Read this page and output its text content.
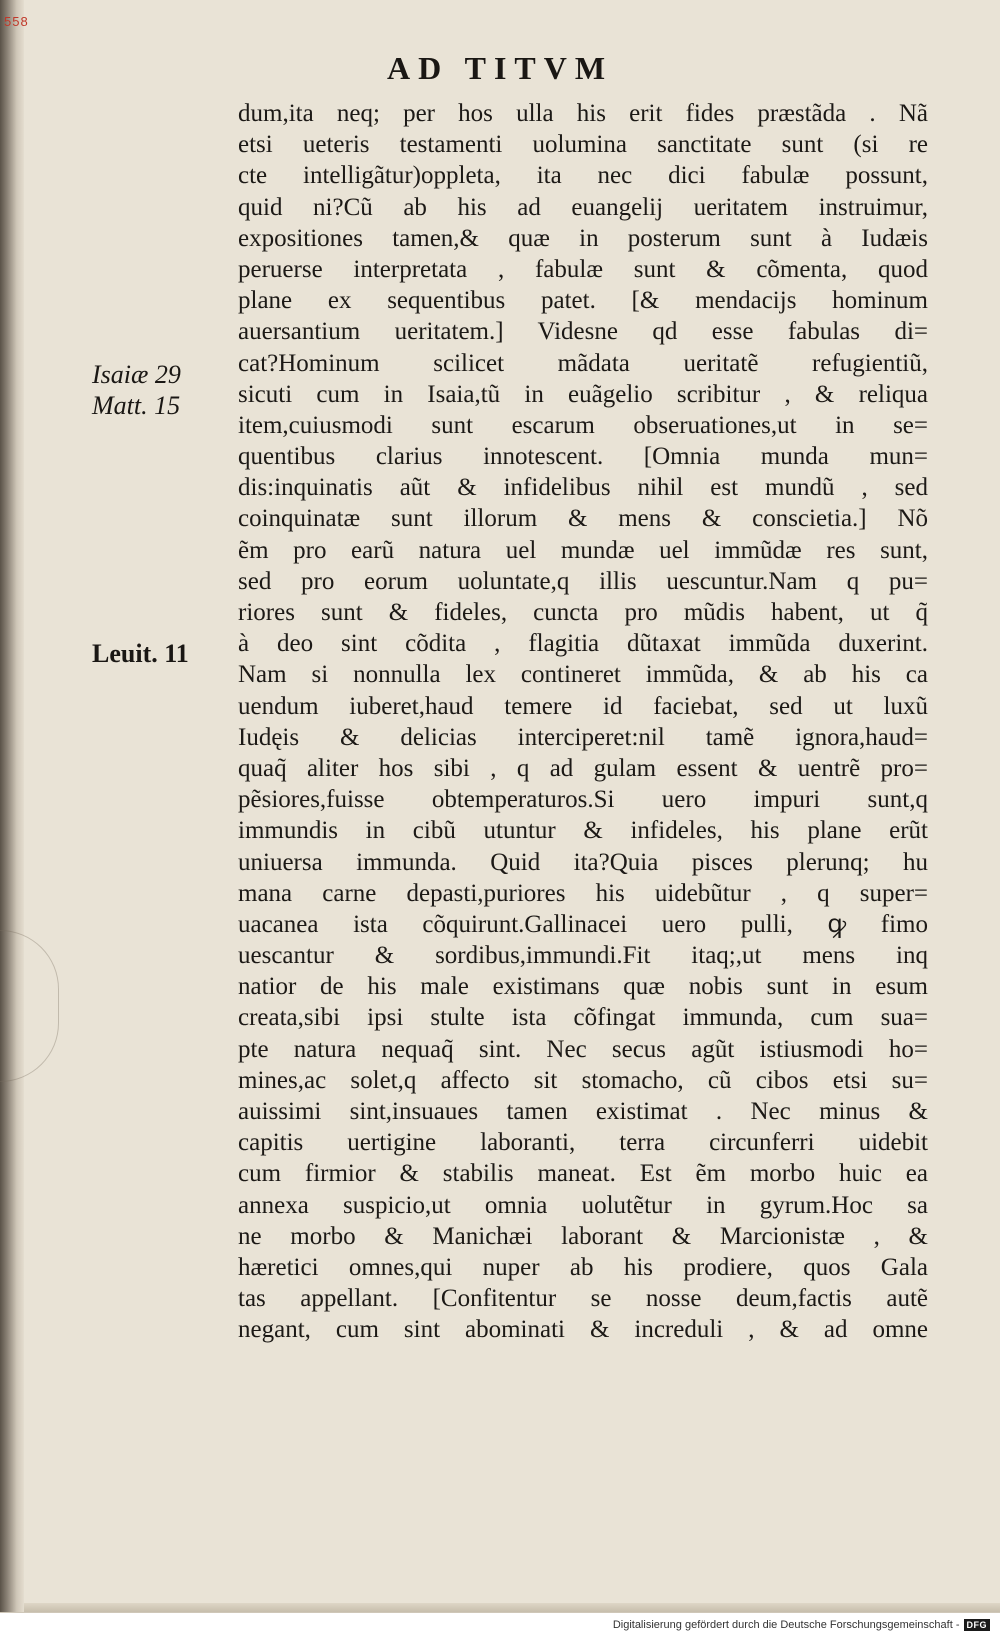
558
AD TITVM
Isaiæ 29
Matt. 15
Leuit. 11
dum,ita neq; per hos ulla his erit fides præstãda . Nã
etsi ueteris testamenti uolumina sanctitate sunt (si re
cte intelligãtur)oppleta, ita nec dici fabulæ possunt,
quid ni?Cũ ab his ad euangelij ueritatem instruimur,
expositiones tamen,& quæ in posterum sunt à Iudæis
peruerse interpretata , fabulæ sunt & cõmenta, quod
plane ex sequentibus patet. [& mendacijs hominum
auersantium ueritatem.] Videsne qd esse fabulas di=
cat?Hominum scilicet mãdata ueritatẽ refugientiũ,
sicuti cum in Isaia,tũ in euãgelio scribitur , & reliqua
item,cuiusmodi sunt escarum obseruationes,ut in se=
quentibus clarius innotescent. [Omnia munda mun=
dis:inquinatis aũt & infidelibus nihil est mundũ , sed
coinquinatæ sunt illorum & mens & conscietia.] Nõ
ẽm pro earũ natura uel mundæ uel immũdæ res sunt,
sed pro eorum uoluntate,q illis uescuntur.Nam q pu=
riores sunt & fideles, cuncta pro mũdis habent, ut q̃
à deo sint cõdita , flagitia dũtaxat immũda duxerint.
Nam si nonnulla lex contineret immũda, & ab his ca
uendum iuberet,haud temere id faciebat, sed ut luxũ
Iudęis & delicias interciperet:nil tamẽ ignora,haud=
quaq̃ aliter hos sibi , q ad gulam essent & uentrẽ pro=
pẽsiores,fuisse obtemperaturos.Si uero impuri sunt,q
immundis in cibũ utuntur & infideles, his plane erũt
uniuersa immunda. Quid ita?Quia pisces plerunq; hu
mana carne depasti,puriores his uidebũtur , q super=
uacanea ista cõquirunt.Gallinacei uero pulli, ꝙ fimo
uescantur & sordibus,immundi.Fit itaq;,ut mens inq
natior de his male existimans quæ nobis sunt in esum
creata,sibi ipsi stulte ista cõfingat immunda, cum sua=
pte natura nequaq̃ sint. Nec secus agũt istiusmodi ho=
mines,ac solet,q affecto sit stomacho, cũ cibos etsi su=
auissimi sint,insuaues tamen existimat . Nec minus &
capitis uertigine laboranti, terra circunferri uidebit
cum firmior & stabilis maneat. Est ẽm morbo huic ea
annexa suspicio,ut omnia uolutẽtur in gyrum.Hoc sa
ne morbo & Manichæi laborant & Marcionistæ , &
hæretici omnes,qui nuper ab his prodiere, quos Gala
tas appellant. [Confitentur se nosse deum,factis autẽ
negant, cum sint abominati & increduli , & ad omne
Digitalisierung gefördert durch die Deutsche Forschungsgemeinschaft - DFG
